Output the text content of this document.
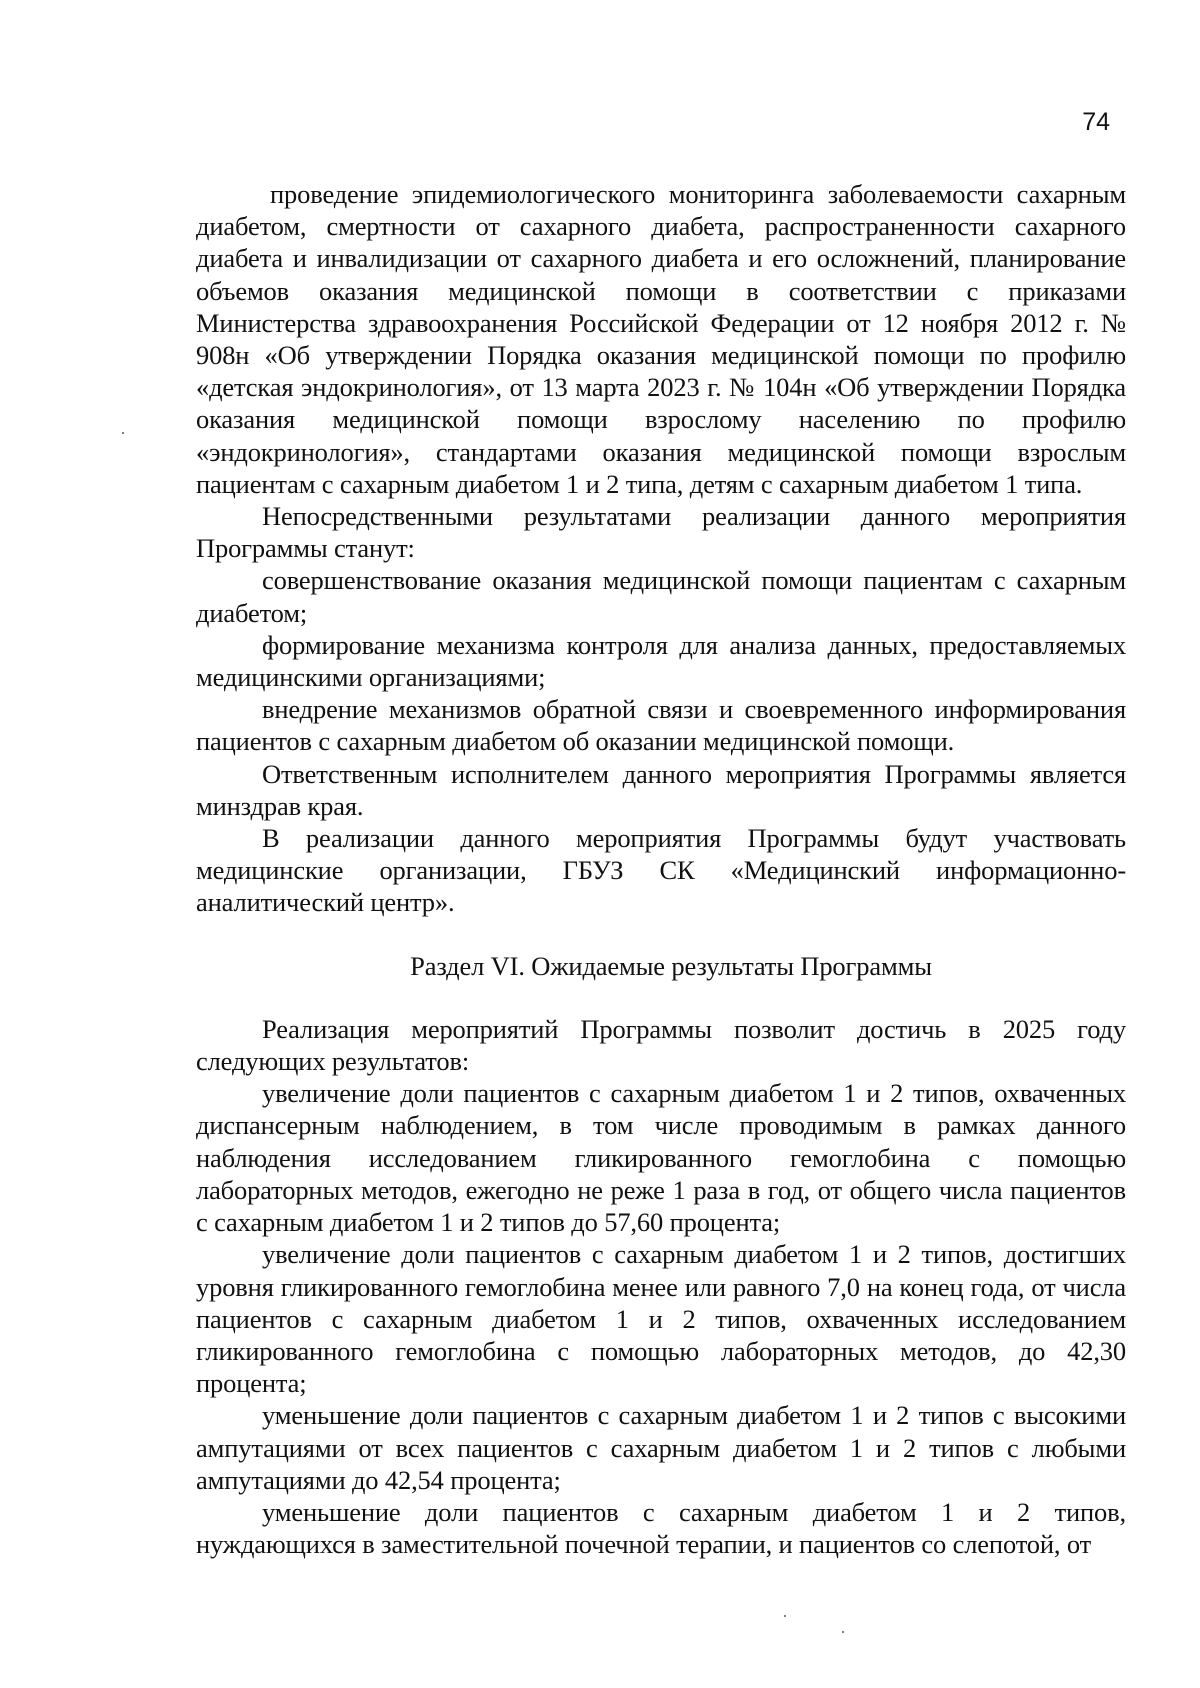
74

проведение эпидемиологического мониторинга заболеваемости сахарным диабетом, смертности от сахарного диабета, распространенности сахарного диабета и инвалидизации от сахарного диабета и его осложнений, планирование объемов оказания медицинской помощи в соответствии с приказами Министерства здравоохранения Российской Федерации от 12 ноября 2012 г. № 908н «Об утверждении Порядка оказания медицинской помощи по профилю «детская эндокринология», от 13 марта 2023 г. № 104н «Об утверждении Порядка оказания медицинской помощи взрослому населению по профилю «эндокринология», стандартами оказания медицинской помощи взрослым пациентам с сахарным диабетом 1 и 2 типа, детям с сахарным диабетом 1 типа.

Непосредственными результатами реализации данного мероприятия Программы станут:

совершенствование оказания медицинской помощи пациентам с сахарным диабетом;

формирование механизма контроля для анализа данных, предоставляемых медицинскими организациями;

внедрение механизмов обратной связи и своевременного информирования пациентов с сахарным диабетом об оказании медицинской помощи.

Ответственным исполнителем данного мероприятия Программы является минздрав края.

В реализации данного мероприятия Программы будут участвовать медицинские организации, ГБУЗ СК «Медицинский информационно-аналитический центр».

Раздел VI. Ожидаемые результаты Программы

Реализация мероприятий Программы позволит достичь в 2025 году следующих результатов:

увеличение доли пациентов с сахарным диабетом 1 и 2 типов, охваченных диспансерным наблюдением, в том числе проводимым в рамках данного наблюдения исследованием гликированного гемоглобина с помощью лабораторных методов, ежегодно не реже 1 раза в год, от общего числа пациентов с сахарным диабетом 1 и 2 типов до 57,60 процента;

увеличение доли пациентов с сахарным диабетом 1 и 2 типов, достигших уровня гликированного гемоглобина менее или равного 7,0 на конец года, от числа пациентов с сахарным диабетом 1 и 2 типов, охваченных исследованием гликированного гемоглобина с помощью лабораторных методов, до 42,30 процента;

уменьшение доли пациентов с сахарным диабетом 1 и 2 типов с высокими ампутациями от всех пациентов с сахарным диабетом 1 и 2 типов с любыми ампутациями до 42,54 процента;

уменьшение доли пациентов с сахарным диабетом 1 и 2 типов, нуждающихся в заместительной почечной терапии, и пациентов со слепотой, от
